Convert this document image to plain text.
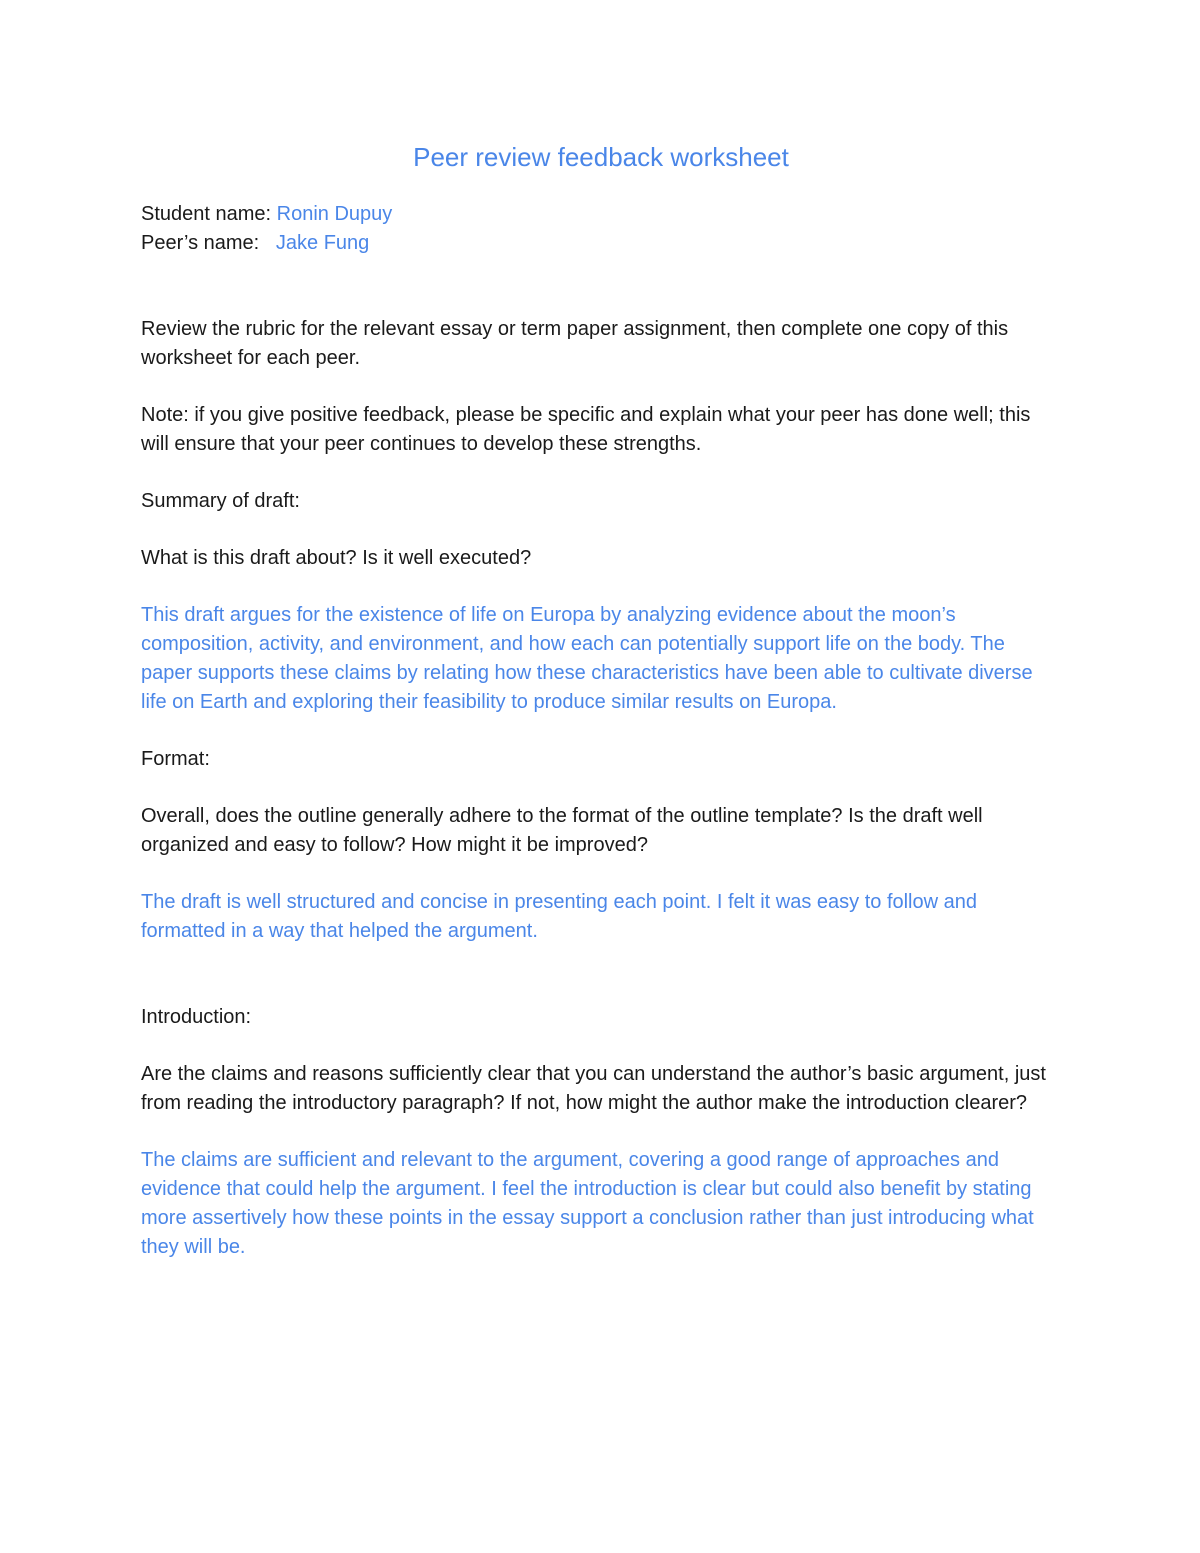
Peer review feedback worksheet
Student name: Ronin Dupuy
Peer’s name: Jake Fung

Review the rubric for the relevant essay or term paper assignment, then complete one copy of this worksheet for each peer.

Note: if you give positive feedback, please be specific and explain what your peer has done well; this will ensure that your peer continues to develop these strengths.

Summary of draft:

What is this draft about? Is it well executed?

This draft argues for the existence of life on Europa by analyzing evidence about the moon’s composition, activity, and environment, and how each can potentially support life on the body. The paper supports these claims by relating how these characteristics have been able to cultivate diverse life on Earth and exploring their feasibility to produce similar results on Europa.

Format:

Overall, does the outline generally adhere to the format of the outline template? Is the draft well organized and easy to follow? How might it be improved?

The draft is well structured and concise in presenting each point. I felt it was easy to follow and formatted in a way that helped the argument.

Introduction:

Are the claims and reasons sufficiently clear that you can understand the author’s basic argument, just from reading the introductory paragraph? If not, how might the author make the introduction clearer?

The claims are sufficient and relevant to the argument, covering a good range of approaches and evidence that could help the argument. I feel the introduction is clear but could also benefit by stating more assertively how these points in the essay support a conclusion rather than just introducing what they will be.
